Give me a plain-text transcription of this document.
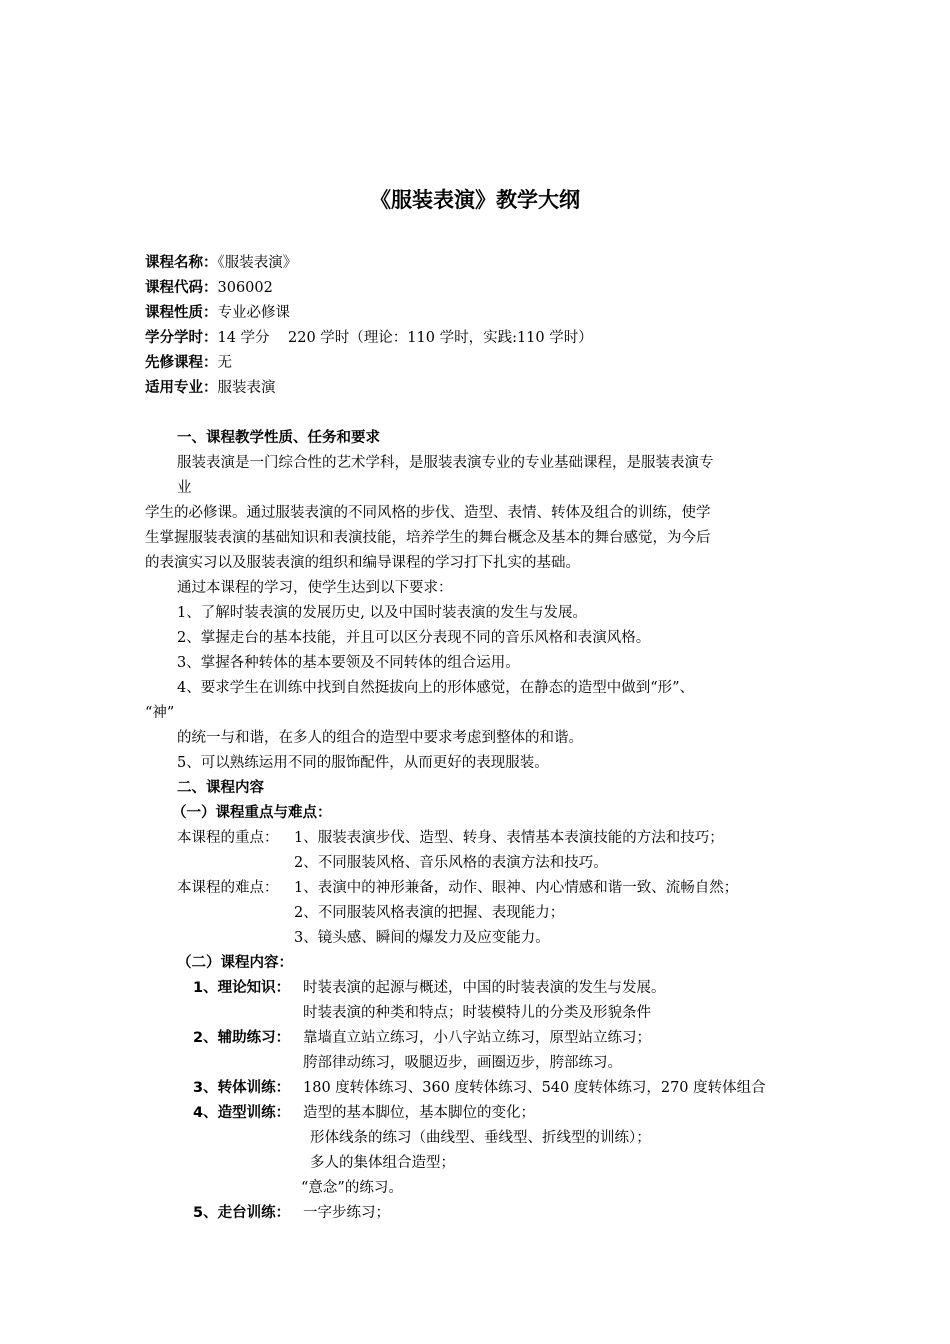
《服装表演》教学大纲
课程名称：《服装表演》
课程代码：306002
课程性质：专业必修课
学分学时：14 学分    220 学时（理论：110 学时，实践:110 学时）
先修课程：无
适用专业：服装表演
一、课程教学性质、任务和要求
服装表演是一门综合性的艺术学科，是服装表演专业的专业基础课程，是服装表演专
业
学生的必修课。通过服装表演的不同风格的步伐、造型、表情、转体及组合的训练，使学
生掌握服装表演的基础知识和表演技能，培养学生的舞台概念及基本的舞台感觉，为今后
的表演实习以及服装表演的组织和编导课程的学习打下扎实的基础。
通过本课程的学习，使学生达到以下要求：
1、了解时装表演的发展历史, 以及中国时装表演的发生与发展。
2、掌握走台的基本技能，并且可以区分表现不同的音乐风格和表演风格。
3、掌握各种转体的基本要领及不同转体的组合运用。
4、要求学生在训练中找到自然挺拔向上的形体感觉，在静态的造型中做到“形”、
“神”
的统一与和谐，在多人的组合的造型中要求考虑到整体的和谐。
5、可以熟练运用不同的服饰配件，从而更好的表现服装。
二、课程内容
（一）课程重点与难点：
本课程的重点： 1、服装表演步伐、造型、转身、表情基本表演技能的方法和技巧；
2、不同服装风格、音乐风格的表演方法和技巧。
本课程的难点： 1、表演中的神形兼备，动作、眼神、内心情感和谐一致、流畅自然；
2、不同服装风格表演的把握、表现能力；
3、镜头感、瞬间的爆发力及应变能力。
（二）课程内容：
1、理论知识： 时装表演的起源与概述，中国的时装表演的发生与发展。
时装表演的种类和特点；时装模特儿的分类及形貌条件
2、辅助练习： 靠墙直立站立练习，小八字站立练习，原型站立练习；
胯部律动练习，吸腿迈步，画圈迈步，胯部练习。
3、转体训练： 180 度转体练习、360 度转体练习、540 度转体练习，270 度转体组合
4、造型训练： 造型的基本脚位，基本脚位的变化；
形体线条的练习（曲线型、垂线型、折线型的训练）；
多人的集体组合造型；
“意念”的练习。
5、走台训练： 一字步练习；
